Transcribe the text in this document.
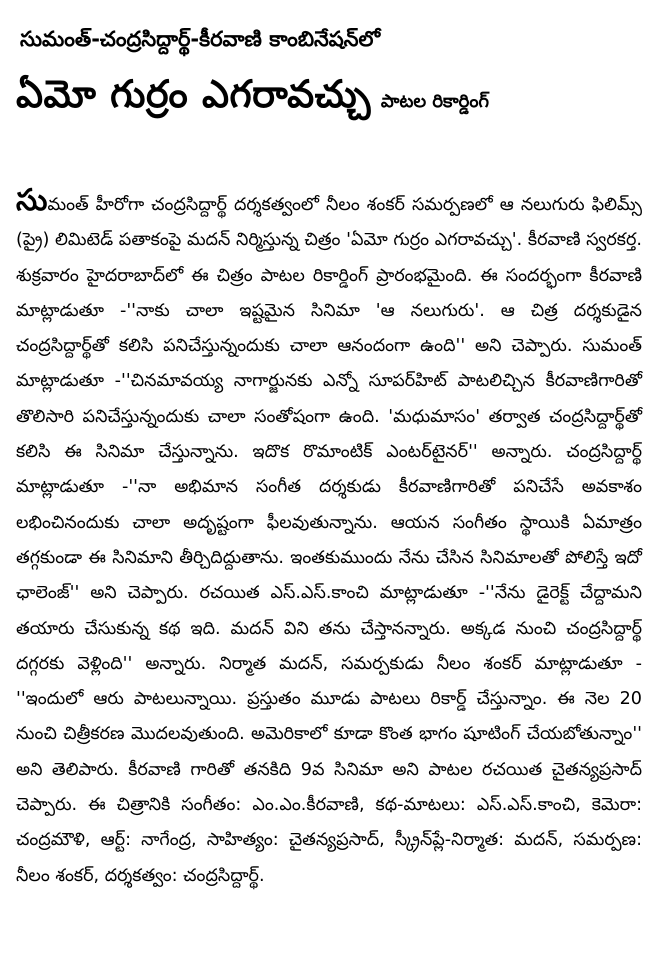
సుమంత్‌-చంద్రసిద్దార్థ్‌-కీరవాణి కాంబినేషన్‌లో
ఏమో గుర్రం ఎగరావచ్చు పాటల రికార్డింగ్‌

సుమంత్‌ హీరోగా చంద్రసిద్దార్థ్‌ దర్శకత్వంలో నీలం శంకర్‌ సమర్పణలో ఆ నలుగురు ఫిలిమ్స్‌ (ప్రై) లిమిటెడ్‌ పతాకంపై మదన్‌ నిర్మిస్తున్న చిత్రం 'ఏమో గుర్రం ఎగరావచ్చు'. కీరవాణి స్వరకర్త. శుక్రవారం హైదరాబాద్‌లో ఈ చిత్రం పాటల రికార్డింగ్‌ ప్రారంభమైంది. ఈ సందర్భంగా కీరవాణి మాట్లాడుతూ -''నాకు చాలా ఇష్టమైన సినిమా 'ఆ నలుగురు'. ఆ చిత్ర దర్శకుడైన చంద్రసిద్దార్థ్‌తో కలిసి పనిచేస్తున్నందుకు చాలా ఆనందంగా ఉంది'' అని చెప్పారు. సుమంత్‌ మాట్లాడుతూ -''చినమావయ్య నాగార్జునకు ఎన్నో సూపర్‌హిట్‌ పాటలిచ్చిన కీరవాణిగారితో తొలిసారి పనిచేస్తున్నందుకు చాలా సంతోషంగా ఉంది. 'మధుమాసం' తర్వాత చంద్రసిద్దార్థ్‌తో కలిసి ఈ సినిమా చేస్తున్నాను. ఇదొక రొమాంటిక్‌ ఎంటర్‌టైనర్‌'' అన్నారు. చంద్రసిద్దార్థ్‌ మాట్లాడుతూ -''నా అభిమాన సంగీత దర్శకుడు కీరవాణిగారితో పనిచేసే అవకాశం లభించినందుకు చాలా అదృష్టంగా ఫీలవుతున్నాను. ఆయన సంగీతం స్థాయికి ఏమాత్రం తగ్గకుండా ఈ సినిమాని తీర్చిదిద్దుతాను. ఇంతకుముందు నేను చేసిన సినిమాలతో పోలిస్తే ఇదో ఛాలెంజ్‌'' అని చెప్పారు. రచయిత ఎస్‌.ఎస్‌.కాంచి మాట్లాడుతూ -''నేను డైరెక్ట్‌ చేద్దామని తయారు చేసుకున్న కథ ఇది. మదన్‌ విని తను చేస్తానన్నారు. అక్కడ నుంచి చంద్రసిద్దార్థ్‌ దగ్గరకు వెళ్లింది'' అన్నారు. నిర్మాత మదన్‌, సమర్పకుడు నీలం శంకర్‌ మాట్లాడుతూ -''ఇందులో ఆరు పాటలున్నాయి. ప్రస్తుతం మూడు పాటలు రికార్డ్‌ చేస్తున్నాం. ఈ నెల 20 నుంచి చిత్రీకరణ మొదలవుతుంది. అమెరికాలో కూడా కొంత భాగం షూటింగ్‌ చేయబోతున్నాం'' అని తెలిపారు. కీరవాణి గారితో తనకిది 9వ సినిమా అని పాటల రచయిత చైతన్యప్రసాద్‌ చెప్పారు. ఈ చిత్రానికి సంగీతం: ఎం.ఎం.కీరవాణి, కథ-మాటలు: ఎస్‌.ఎస్‌.కాంచి, కెమెరా: చంద్రమౌళి, ఆర్ట్‌: నాగేంద్ర, సాహిత్యం: చైతన్యప్రసాద్‌, స్క్రీన్‌ప్లే-నిర్మాత: మదన్‌, సమర్పణ: నీలం శంకర్‌, దర్శకత్వం: చంద్రసిద్దార్థ్‌.
